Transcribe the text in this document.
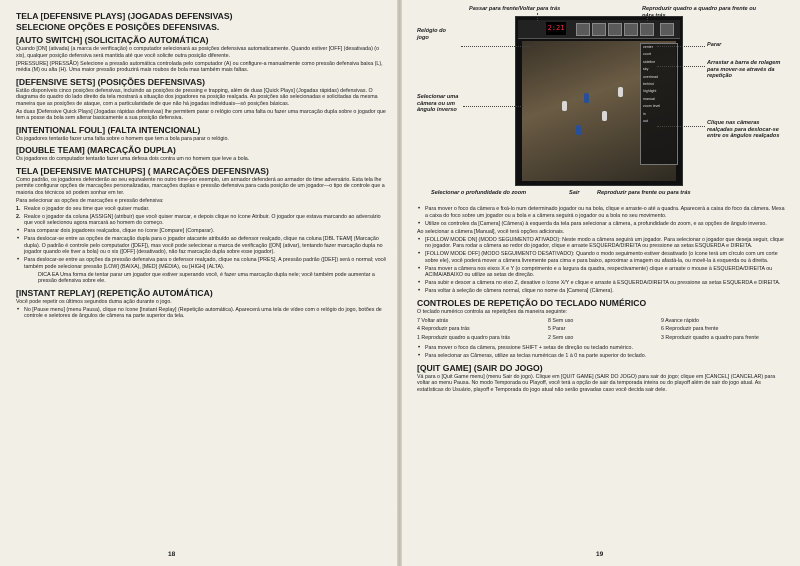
TELA [DEFENSIVE PLAYS] (JOGADAS DEFENSIVAS)
SELECIONE OPÇÕES E POSIÇÕES DEFENSIVAS.
[AUTO SWITCH] (SOLICITAÇÃO AUTOMÁTICA)

Quando [ON] (ativada) (a marca de verificação) o computador selecionará as posições defensivas automaticamente. Quando estiver [OFF] (desativada) (o xis), qualquer posição defensiva será mantida até que você solicite outra posição diferente.

[PRESSURE] (PRESSÃO) Selecione a pressão automática controlada pelo computador (A) ou configure-a manualmente como pressão defensiva baixa (L), média (M) ou alta (H). Uma maior pressão produzirá mais roubos de bola mas também mais faltas.

[DEFENSIVE SETS] (POSIÇÕES DEFENSIVAS)

Estão disponíveis cinco posições defensivas, incluindo as posições de pressing e trapping, além de duas [Quick Plays] (Jogadas rápidas) defensivas. O diagrama do quadro do lado direito da tela mostrará a situação dos jogadores na posição realçada. As posições são selecionadas e solicitadas da mesma maneira que as posições de ataque, com a particularidade de que não há jogadas individuais—só posições básicas.

As duas [Defensive Quick Plays] (Jogadas rápidas defensivas) lhe permitem parar o relógio com uma falta ou fazer uma marcação dupla sobre o jogador que tem a posse da bola sem alterar basicamente a sua posição defensiva.

[INTENTIONAL FOUL] (FALTA INTENCIONAL)

Os jogadores tentarão fazer uma falta sobre o homem que tem a bola para parar o relógio.

[DOUBLE TEAM] (MARCAÇÃO DUPLA)

Os jogadores do computador tentarão fazer uma defesa dois contra um no homem que leve a bola.

TELA [DEFENSIVE MATCHUPS] ( MARCAÇÕES DEFENSIVAS)

Como padrão, os jogadores defenderão ao seu equivalente no outro time-por exemplo, um armador defenderá ao armador do time adversário. Esta tela lhe permite configurar opções de marcações personalizadas, marcações duplas e pressão defensiva para cada posição de um jogador—o tipo de controle que a maioria dos técnicos só podem sonhar em ter.

Para selecionar as opções de marcações e pressão defensiva:

1. Realce o jogador do seu time que você quiser mudar.
2. Realce o jogador da coluna [ASSIGN] (atribuir) que você quiser marcar, e depois clique no ícone Atribuir. O jogador que estava marcando ao adversário que você selecionou agora marcará ao homem do começo.
• Para comparar dois jogadores realçados, clique no ícone [Compare] (Comparar).
• Para deslocar-se entre as opções de marcação dupla para o jogador atacante atribuído ao defensor realçado, clique na coluna [DBL TEAM] (Marcação dupla). O padrão é controle pelo computador ([DEF]), mas você pode selecionar a marca de verificação ([ON] (ativar), tentando fazer marcação dupla no jogador quando ele tiver a bola) ou o xis ([OFF] (desativado), não faz marcação dupla sobre esse jogador).
• Para deslocar-se entre as opções da pressão defensiva para o defensor realçado, clique na coluna [PRES]. A pressão padrão ([DEF]) será o normal; você também pode selecionar pressão [LOW] (BAIXA), [MED] (MÉDIA), ou [HIGH] (ALTA).

DICA EA Uma forma de tentar parar um jogador que estiver superando você, é fazer uma marcação dupla nele; você também pode aumentar a pressão defensiva sobre ele.

[INSTANT REPLAY] (REPETIÇÃO AUTOMÁTICA)

Você pode repetir os últimos segundos duma ação durante o jogo.

• No [Pause menu] (menu Pausa), clique no ícone [Instant Replay] (Repetição automática). Aparecerá uma tela de vídeo com o relógio do jogo, botões de controle e seletores de ângulos de câmera na parte superior da tela.
18
2:21
center
court
sideline
sky
overhead
behind
highlight
manual
zoom level
in
out
Passar para frente/Voltar para trás	Reproduzir quadro a quadro para frente ou para trás
Relógio do jogo
Parar
Arrastar a barra de rolagem para mover-se através da repetição
Selecionar uma câmera ou um ângulo inverso
Clique nas câmeras realçadas para deslocar-se entre os ângulos realçados
Selecionar o profundidade do zoom	Sair	Reproduzir para frente ou para trás
• Para mover o foco da câmera e fixá-lo num determinado jogador ou na bola, clique e arraste-o até a quadra. Aparecerá a caixa do foco da câmera. Mexa a caixa do foco sobre um jogador ou a bola e a câmera seguirá o jogador ou a bola no seu movimento.
• Utilize os controles da [Camera] (Câmera) à esquerda da tela para selecionar a câmera, a profundidade do zoom, e as opções de ângulo inverso.

Ao selecionar a câmera [Manual], você terá opções adicionais.

• [FOLLOW MODE ON] (MODO SEGUIMENTO ATIVADO): Neste modo a câmera seguirá um jogador. Para selecionar o jogador que deseja seguir, clique no jogador. Para rodar a câmera ao redor do jogador, clique e arraste ESQUERDA/DIREITA ou pressione as setas ESQUERDA e DIREITA.
• [FOLLOW MODE OFF] (MODO SEGUIMENTO DESATIVADO): Quando o modo seguimento estiver desativado (o ícone terá um círculo com um corte sobre ele), você poderá mover a câmera livremente para cima e para baixo, aproximar a imagem ou afastá-la, ou movê-la à esquerda ou à direita.
• Para mover a câmera nos eixos X e Y (o comprimento e a largura da quadra, respectivamente) clique e arraste o mouse à ESQUERDA/DIREITA ou ACIMA/ABAIXO ou utilize as setas de direção.
• Para subir e descer a câmera no eixo Z, desative o ícone X/Y e clique e arraste à ESQUERDA/DIREITA ou pressione as setas ESQUERDA e DIREITA.
• Para voltar à seleção de câmera normal, clique no nome da [Camera] (Câmera).
CONTROLES DE REPETIÇÃO DO TECLADO NUMÉRICO

O teclado numérico controla as repetições da maneira seguinte:

7 Voltar atrás	8 Sem uso	9 Avance rápido
4 Reproduzir para trás	5 Parar	6 Reproduzir para frente
1 Reproduzir quadro a quadro para trás	2 Sem uso	3 Reproduzir quadro a quadro para frente
• Para mover o foco da câmera, pressione SHIFT + setas de direção ou teclado numérico.
• Para selecionar as Câmeras, utilize as teclas numéricas de 1 à 0 na parte superior do teclado.
[QUIT GAME] (SAIR DO JOGO)

Vá para o [Quit Game menu] (menu Sair do jogo). Clique em [QUIT GAME] (SAIR DO JOGO) para sair do jogo; clique em [CANCEL] (CANCELAR) para voltar ao menu Pausa. No modo Temporada ou Playoff, você terá a opção de sair da temporada inteira ou do playoff além de sair do jogo atual. As estatísticas do Usuário, playoff e Temporada do jogo atual não serão gravadas caso você decida sair dele.

19
